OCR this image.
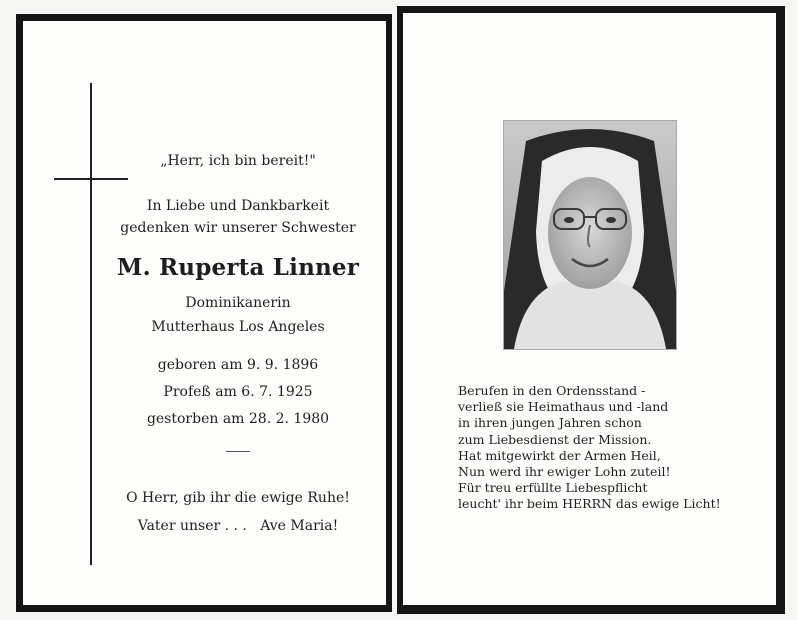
„Herr, ich bin bereit!"
In Liebe und Dankbarkeit
gedenken wir unserer Schwester
M. Ruperta Linner
Dominikanerin
Mutterhaus Los Angeles
geboren am 9. 9. 1896
Profeß am 6. 7. 1925
gestorben am 28. 2. 1980
O Herr, gib ihr die ewige Ruhe!
Vater unser . . .   Ave Maria!
Berufen in den Ordensstand -
verließ sie Heimathaus und -land
in ihren jungen Jahren schon
zum Liebesdienst der Mission.
Hat mitgewirkt der Armen Heil,
Nun werd ihr ewiger Lohn zuteil!
Für treu erfüllte Liebespflicht
leucht' ihr beim HERRN das ewige Licht!
